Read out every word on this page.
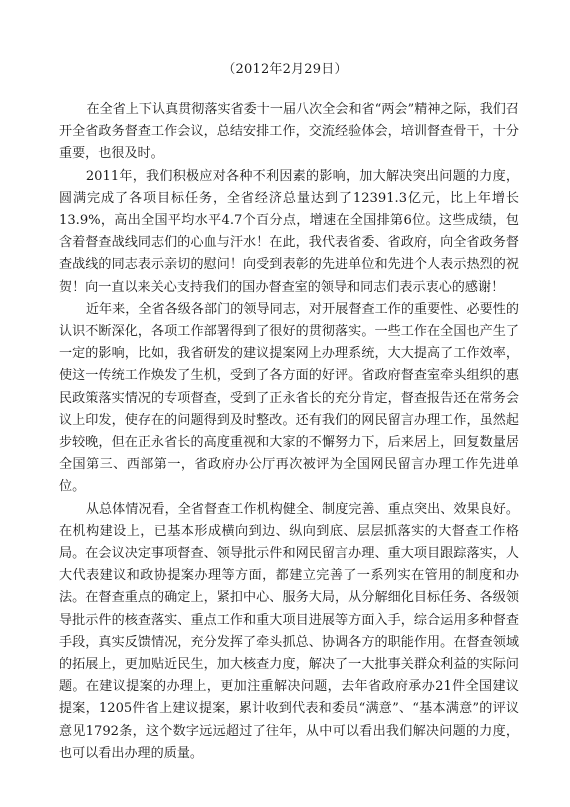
（2012年2月29日）

在全省上下认真贯彻落实省委十一届八次全会和省“两会”精神之际，我们召开全省政务督查工作会议，总结安排工作，交流经验体会，培训督查骨干，十分重要，也很及时。

2011年，我们积极应对各种不利因素的影响，加大解决突出问题的力度，圆满完成了各项目标任务，全省经济总量达到了12391.3亿元，比上年增长13.9%，高出全国平均水平4.7个百分点，增速在全国排第6位。这些成绩，包含着督查战线同志们的心血与汗水！在此，我代表省委、省政府，向全省政务督查战线的同志表示亲切的慰问！向受到表彰的先进单位和先进个人表示热烈的祝贺！向一直以来关心支持我们的国办督查室的领导和同志们表示衷心的感谢！

近年来，全省各级各部门的领导同志，对开展督查工作的重要性、必要性的认识不断深化，各项工作部署得到了很好的贯彻落实。一些工作在全国也产生了一定的影响，比如，我省研发的建议提案网上办理系统，大大提高了工作效率，使这一传统工作焕发了生机，受到了各方面的好评。省政府督查室牵头组织的惠民政策落实情况的专项督查，受到了正永省长的充分肯定，督查报告还在常务会议上印发，使存在的问题得到及时整改。还有我们的网民留言办理工作，虽然起步较晚，但在正永省长的高度重视和大家的不懈努力下，后来居上，回复数量居全国第三、西部第一，省政府办公厅再次被评为全国网民留言办理工作先进单位。

从总体情况看，全省督查工作机构健全、制度完善、重点突出、效果良好。在机构建设上，已基本形成横向到边、纵向到底、层层抓落实的大督查工作格局。在会议决定事项督查、领导批示件和网民留言办理、重大项目跟踪落实，人大代表建议和政协提案办理等方面，都建立完善了一系列实在管用的制度和办法。在督查重点的确定上，紧扣中心、服务大局，从分解细化目标任务、各级领导批示件的核查落实、重点工作和重大项目进展等方面入手，综合运用多种督查手段，真实反馈情况，充分发挥了牵头抓总、协调各方的职能作用。在督查领域的拓展上，更加贴近民生，加大核查力度，解决了一大批事关群众利益的实际问题。在建议提案的办理上，更加注重解决问题，去年省政府承办21件全国建议提案，1205件省上建议提案，累计收到代表和委员“满意”、“基本满意”的评议意见1792条，这个数字远远超过了往年，从中可以看出我们解决问题的力度，也可以看出办理的质量。
